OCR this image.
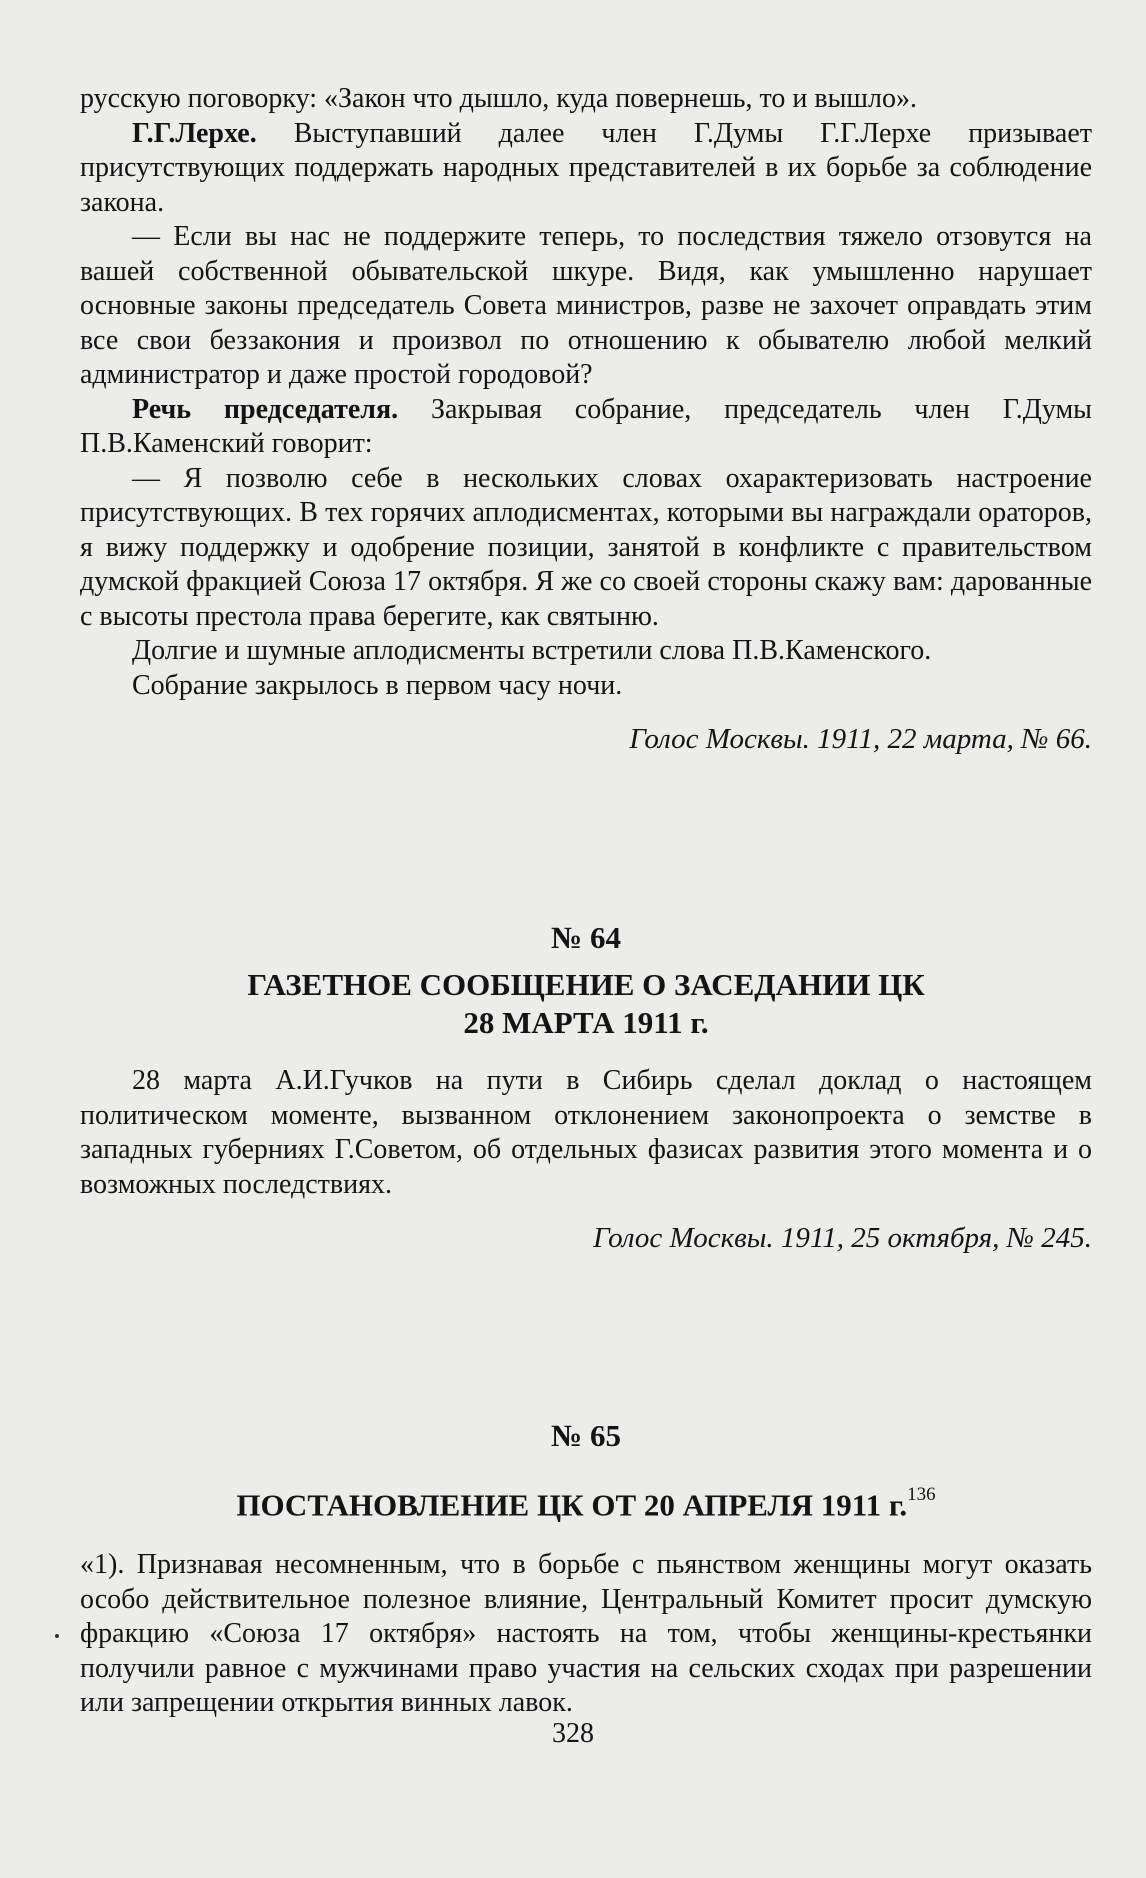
русскую поговорку: «Закон что дышло, куда повернешь, то и вышло».

Г.Г.Лерхе. Выступавший далее член Г.Думы Г.Г.Лерхе призывает присутствующих поддержать народных представителей в их борьбе за соблюдение закона.

— Если вы нас не поддержите теперь, то последствия тяжело отзовутся на вашей собственной обывательской шкуре. Видя, как умышленно нарушает основные законы председатель Совета министров, разве не захочет оправдать этим все свои беззакония и произвол по отношению к обывателю любой мелкий администратор и даже простой городовой?

Речь председателя. Закрывая собрание, председатель член Г.Думы П.В.Каменский говорит:

— Я позволю себе в нескольких словах охарактеризовать настроение присутствующих. В тех горячих аплодисментах, которыми вы награждали ораторов, я вижу поддержку и одобрение позиции, занятой в конфликте с правительством думской фракцией Союза 17 октября. Я же со своей стороны скажу вам: дарованные с высоты престола права берегите, как святыню.

Долгие и шумные аплодисменты встретили слова П.В.Каменского.

Собрание закрылось в первом часу ночи.

Голос Москвы. 1911, 22 марта, № 66.

№ 64

ГАЗЕТНОЕ СООБЩЕНИЕ О ЗАСЕДАНИИ ЦК

28 МАРТА 1911 г.

28 марта А.И.Гучков на пути в Сибирь сделал доклад о настоящем политическом моменте, вызванном отклонением законопроекта о земстве в западных губерниях Г.Советом, об отдельных фазисах развития этого момента и о возможных последствиях.

Голос Москвы. 1911, 25 октября, № 245.

№ 65

ПОСТАНОВЛЕНИЕ ЦК ОТ 20 АПРЕЛЯ 1911 г.$^{136}$

«1). Признавая несомненным, что в борьбе с пьянством женщины могут оказать особо действительное полезное влияние, Центральный Комитет просит думскую фракцию «Союза 17 октября» настоять на том, чтобы женщины-крестьянки получили равное с мужчинами право участия на сельских сходах при разрешении или запрещении открытия винных лавок.

328
